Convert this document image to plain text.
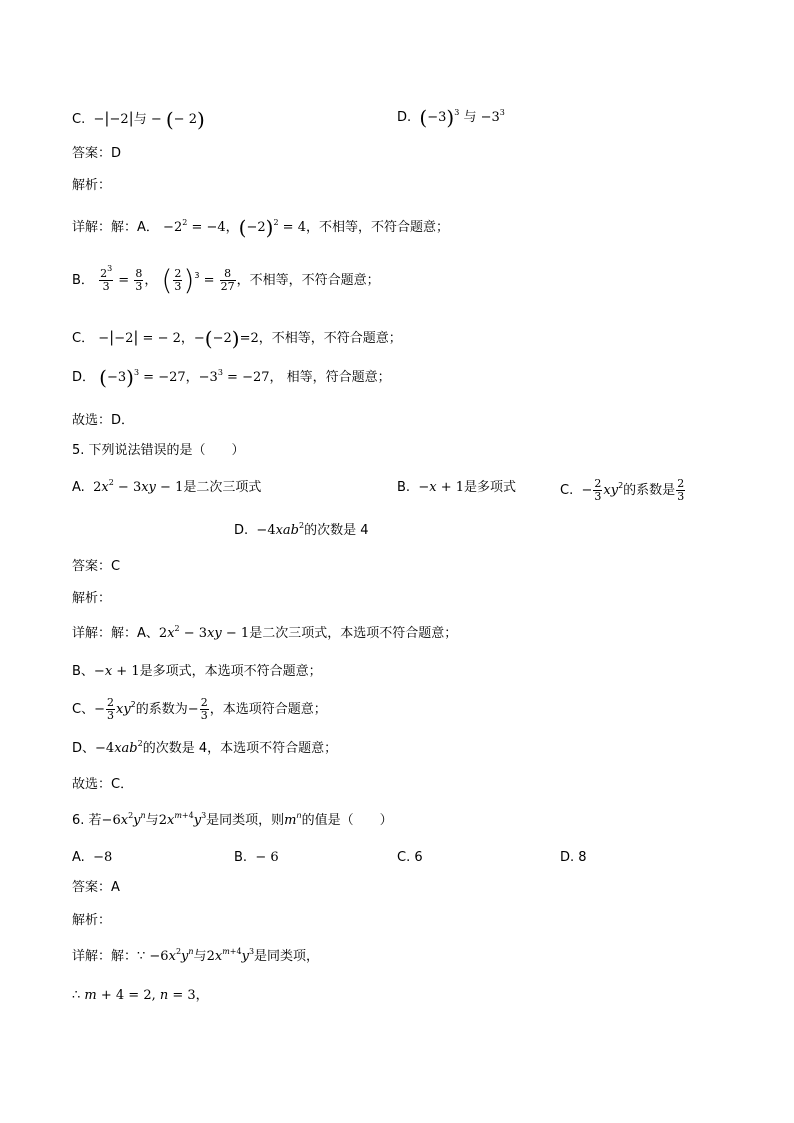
C. −|−2|与 − (− 2)	D. $(-3)^3$ 与 $-3^3$
答案：D
解析：
详解：解：A． $-2^2 = -4$，$(-2)^2 = 4$，不相等，不符合题意；
B． $\frac{2^3}{3} = \frac{8}{3}$ ， ( $\frac{2}{3} )^3 = \frac{8}{27}$ ，不相等，不符合题意；
C． −|−2| = − 2，−(−2)=2，不相等，不符合题意；
D． $(-3)^3 = -27$，$-3^3 = -27$， 相等，符合题意；
故选：D．
5. 下列说法错误的是（　　）
A. $2x^2 - 3xy - 1$是二次三项式	B. −x + 1是多项式	C. − $\frac{2}{3} xy^2$的系数是 $\frac{2}{3}$
D. −4xab$^2$的次数是 4
答案：C
解析：
详解：解：A、$2x^2 - 3xy - 1$是二次三项式，本选项不符合题意；
B、−x + 1是多项式，本选项不符合题意；
C、− $\frac{2}{3} xy^2$的系数为− $\frac{2}{3}$ ，本选项符合题意；
D、−4xab$^2$的次数是 4，本选项不符合题意；
故选：C．
6. 若$-6x^2y^n$与$2x^{m+4}y^3$是同类项，则$m^n$的值是（　　）
A. −8	B. − 6	C. 6	D. 8
答案：A
解析：
详解：解：∵ $-6x^2y^n$与$2x^{m+4}y^3$是同类项，
∴ m + 4 = 2, n = 3，
